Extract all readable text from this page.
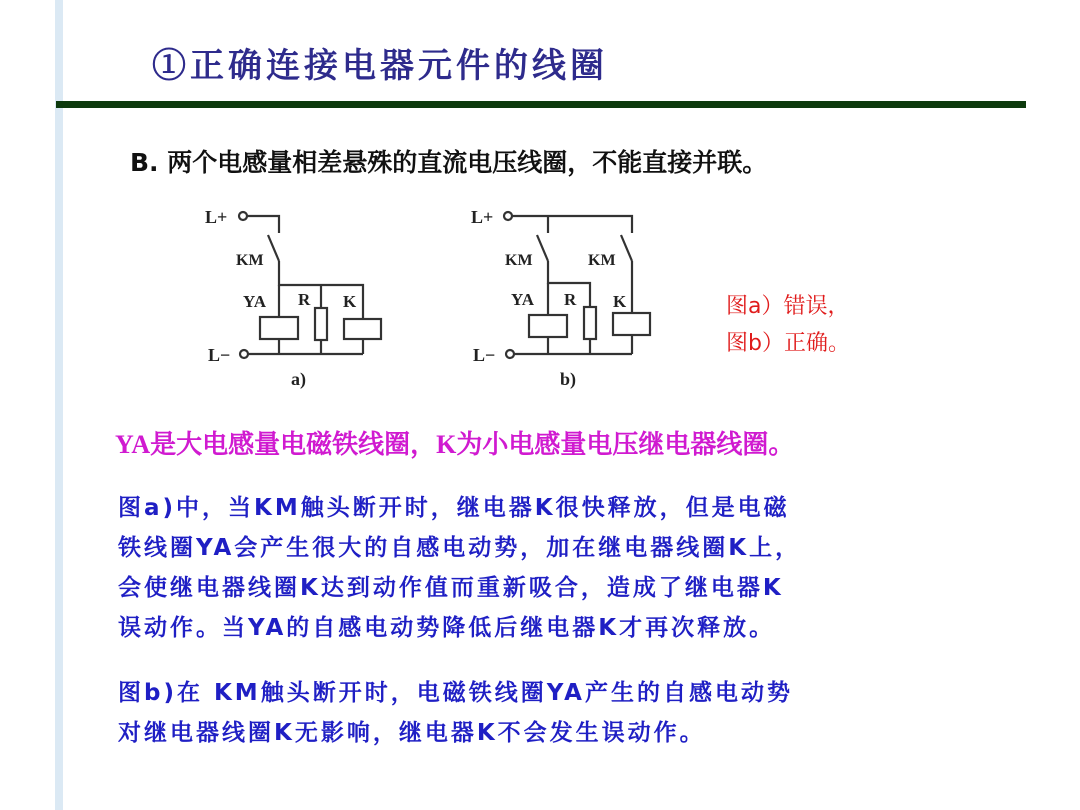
①正确连接电器元件的线圈
B. 两个电感量相差悬殊的直流电压线圈，不能直接并联。
L+
KM
YA R K
L−
a)
L+
KM	KM
YA R K
L−
b)
图a）错误，
图b）正确。
YA是大电感量电磁铁线圈，K为小电感量电压继电器线圈。
图a)中，当KM触头断开时，继电器K很快释放，但是电磁
铁线圈YA会产生很大的自感电动势，加在继电器线圈K上，
会使继电器线圈K达到动作值而重新吸合，造成了继电器K
误动作。当YA的自感电动势降低后继电器K才再次释放。
图b)在 KM触头断开时，电磁铁线圈YA产生的自感电动势
对继电器线圈K无影响，继电器K不会发生误动作。
